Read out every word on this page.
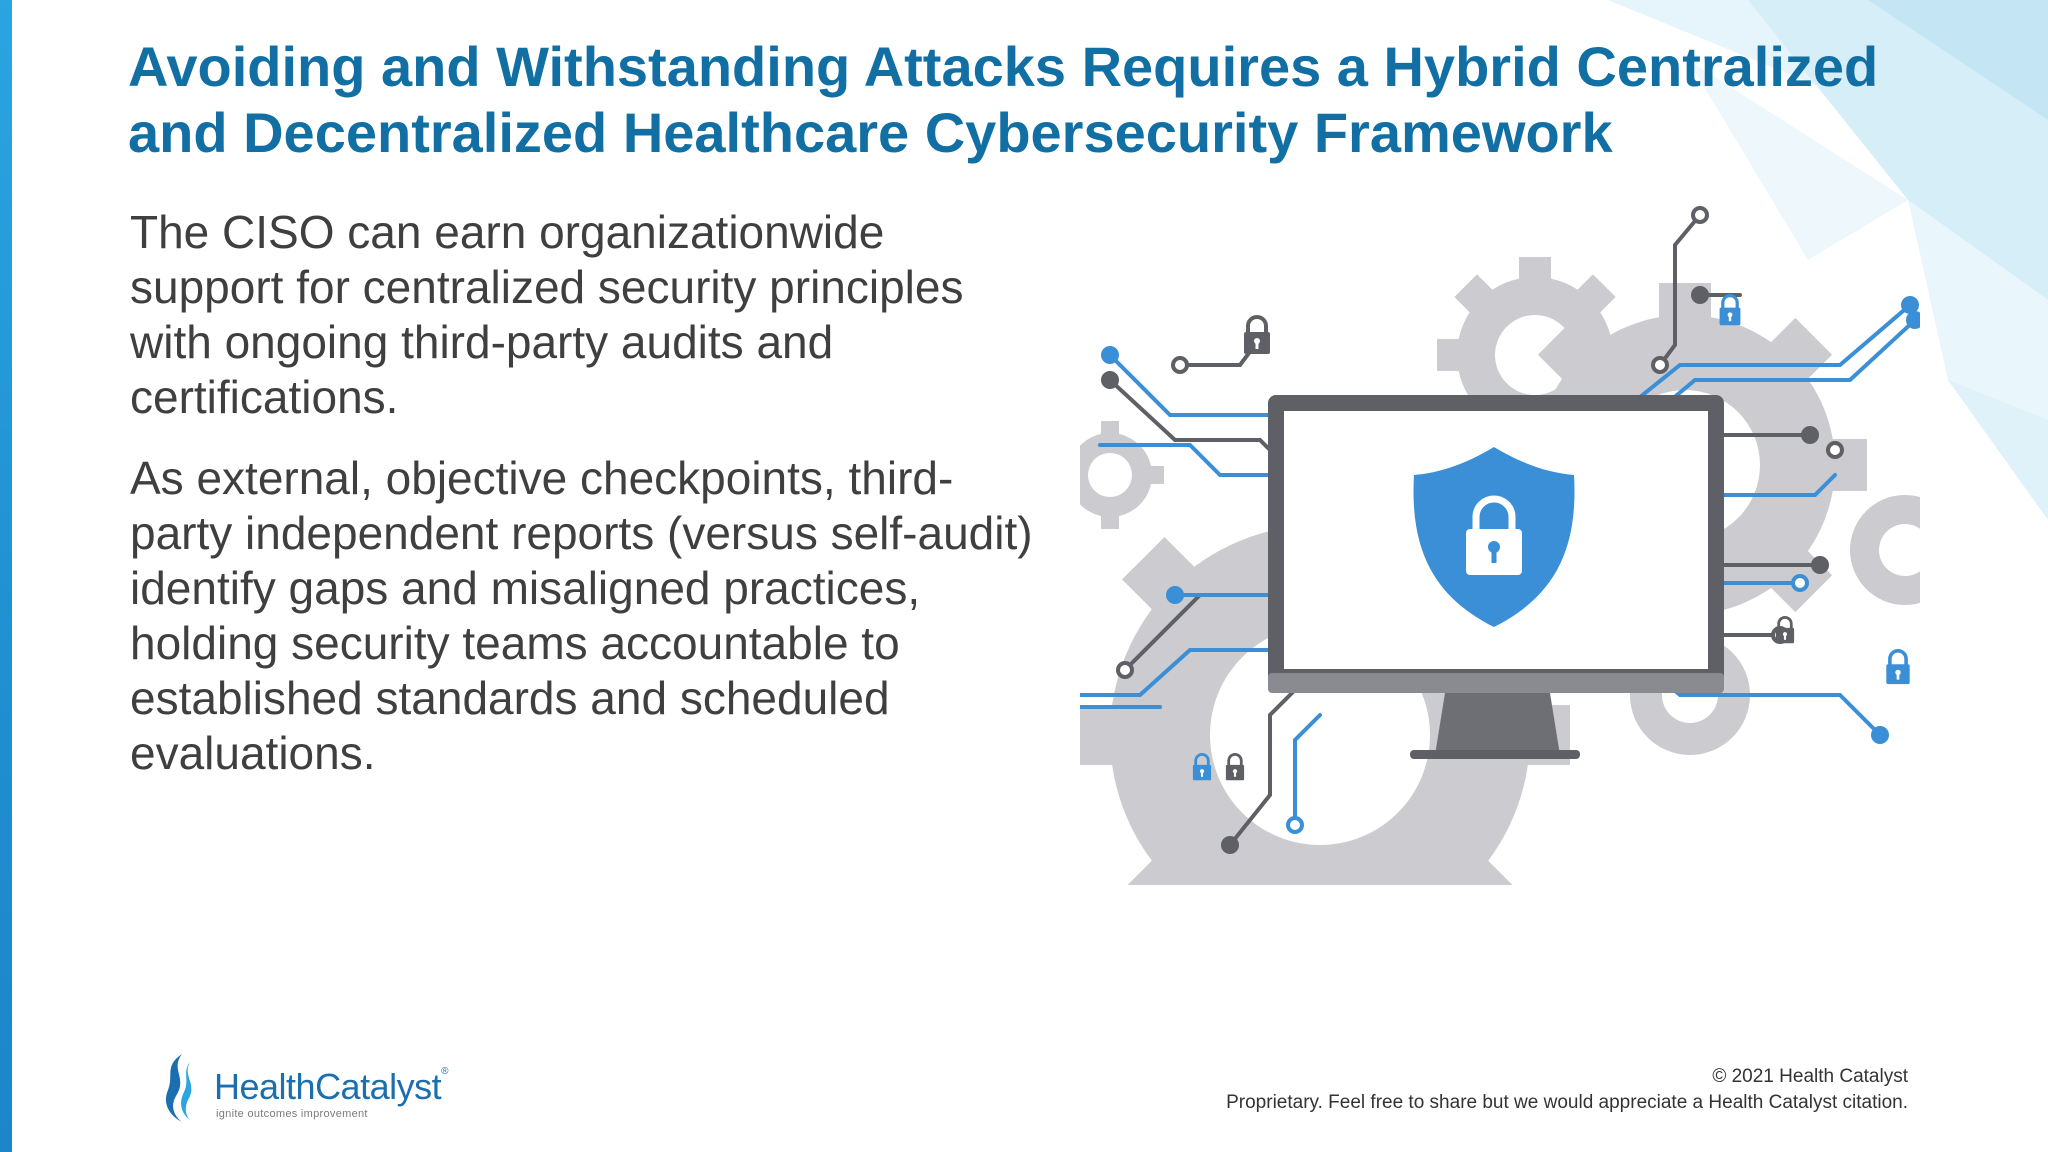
Avoiding and Withstanding Attacks Requires a Hybrid Centralized
and Decentralized Healthcare Cybersecurity Framework

The CISO can earn organizationwide support for centralized security principles with ongoing third-party audits and certifications.

As external, objective checkpoints, third-party independent reports (versus self-audit) identify gaps and misaligned practices, holding security teams accountable to established standards and scheduled evaluations.

HealthCatalyst®
ignite outcomes improvement
© 2021 Health Catalyst
Proprietary. Feel free to share but we would appreciate a Health Catalyst citation.
